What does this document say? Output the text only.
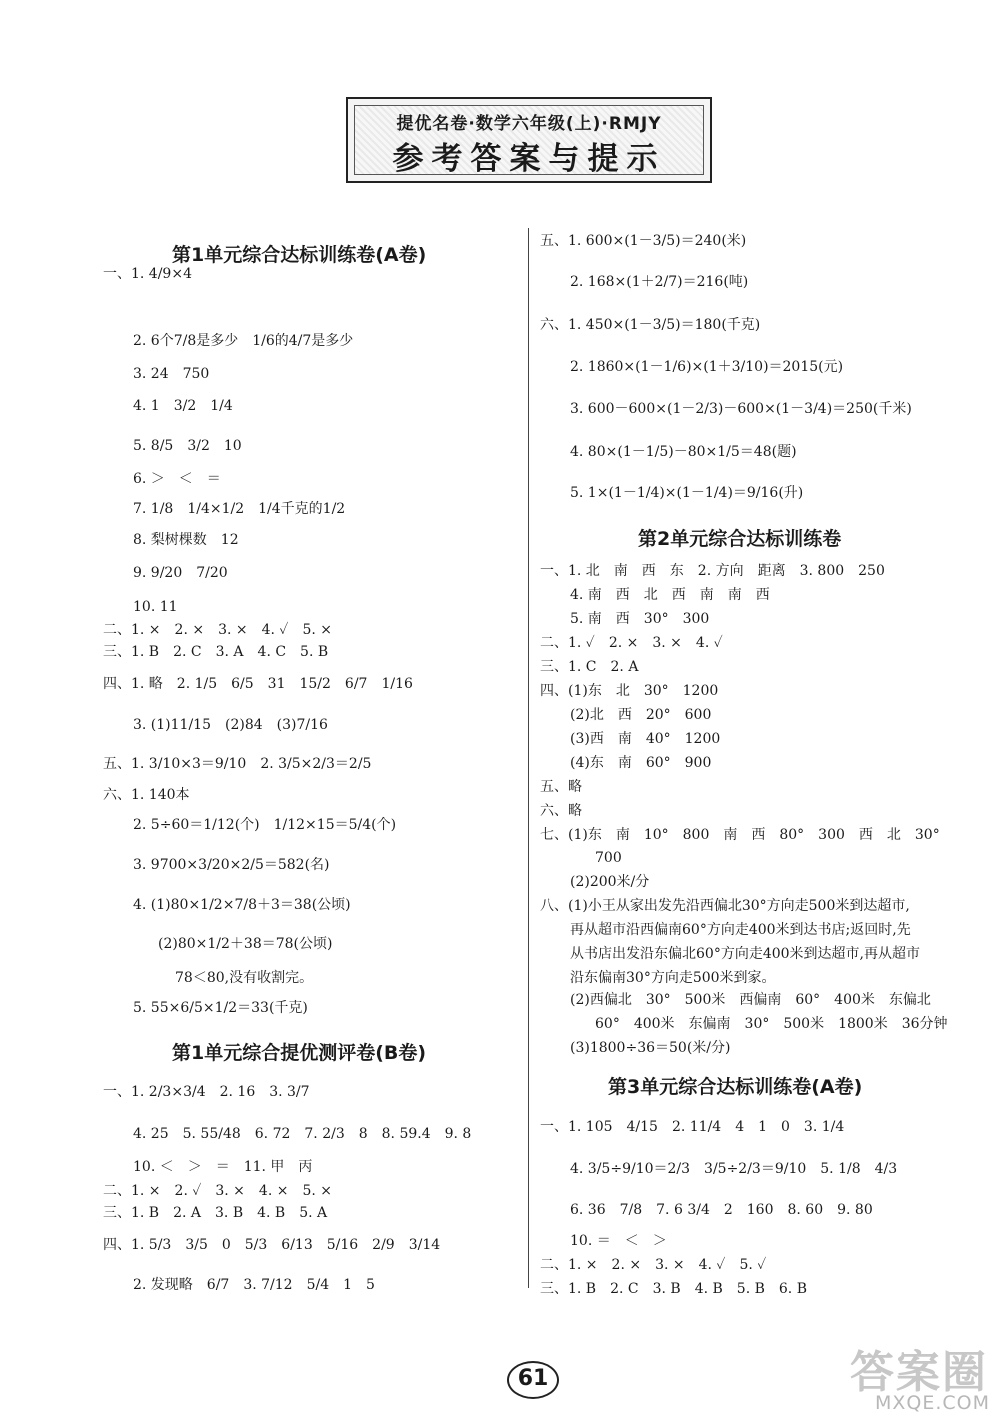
提优名卷·数学六年级(上)·RMJY
参考答案与提示
第1单元综合达标训练卷(A卷)
一、1. 4/9×4
2. 6个7/8是多少　1/6的4/7是多少
3. 24　750
4. 1　3/2　1/4
5. 8/5　3/2　10
6. ＞　＜　＝
7. 1/8　1/4×1/2　1/4千克的1/2
8. 梨树棵数　12
9. 9/20　7/20
10. 11
二、1. ×　2. ×　3. ×　4. ✓　5. ×
三、1. B　2. C　3. A　4. C　5. B
四、1. 略　2. 1/5　6/5　31　15/2　6/7　1/16
3. (1)11/15　(2)84　(3)7/16
五、1. 3/10×3＝9/10　2. 3/5×2/3＝2/5
六、1. 140本
2. 5÷60＝1/12(个)　1/12×15＝5/4(个)
3. 9700×3/20×2/5＝582(名)
4. (1)80×1/2×7/8＋3＝38(公顷)
(2)80×1/2＋38＝78(公顷)
78＜80,没有收割完。
5. 55×6/5×1/2＝33(千克)
第1单元综合提优测评卷(B卷)
一、1. 2/3×3/4　2. 16　3. 3/7
4. 25　5. 55/48　6. 72　7. 2/3　8　8. 59.4　9. 8
10. ＜　＞　＝　11. 甲　丙
二、1. ×　2. ✓　3. ×　4. ×　5. ×
三、1. B　2. A　3. B　4. B　5. A
四、1. 5/3　3/5　0　5/3　6/13　5/16　2/9　3/14
2. 发现略　6/7　3. 7/12　5/4　1　5
五、1. 600×(1－3/5)＝240(米)
2. 168×(1＋2/7)＝216(吨)
六、1. 450×(1－3/5)＝180(千克)
2. 1860×(1－1/6)×(1＋3/10)＝2015(元)
3. 600－600×(1－2/3)－600×(1－3/4)＝250(千米)
4. 80×(1－1/5)－80×1/5＝48(题)
5. 1×(1－1/4)×(1－1/4)＝9/16(升)
第2单元综合达标训练卷
一、1. 北　南　西　东　2. 方向　距离　3. 800　250
4. 南　西　北　西　南　南　西
5. 南　西　30°　300
二、1. ✓　2. ×　3. ×　4. ✓
三、1. C　2. A
四、(1)东　北　30°　1200
(2)北　西　20°　600
(3)西　南　40°　1200
(4)东　南　60°　900
五、略
六、略
七、(1)东　南　10°　800　南　西　80°　300　西　北　30°
700
(2)200米/分
八、(1)小王从家出发先沿西偏北30°方向走500米到达超市,
再从超市沿西偏南60°方向走400米到达书店;返回时,先
从书店出发沿东偏北60°方向走400米到达超市,再从超市
沿东偏南30°方向走500米到家。
(2)西偏北　30°　500米　西偏南　60°　400米　东偏北
60°　400米　东偏南　30°　500米　1800米　36分钟
(3)1800÷36＝50(米/分)
第3单元综合达标训练卷(A卷)
一、1. 105　4/15　2. 11/4　4　1　0　3. 1/4
4. 3/5÷9/10＝2/3　3/5÷2/3＝9/10　5. 1/8　4/3
6. 36　7/8　7. 6 3/4　2　160　8. 60　9. 80
10. ＝　＜　＞
二、1. ×　2. ×　3. ×　4. ✓　5. ✓
三、1. B　2. C　3. B　4. B　5. B　6. B
61	答案圈
MXQE.COM
